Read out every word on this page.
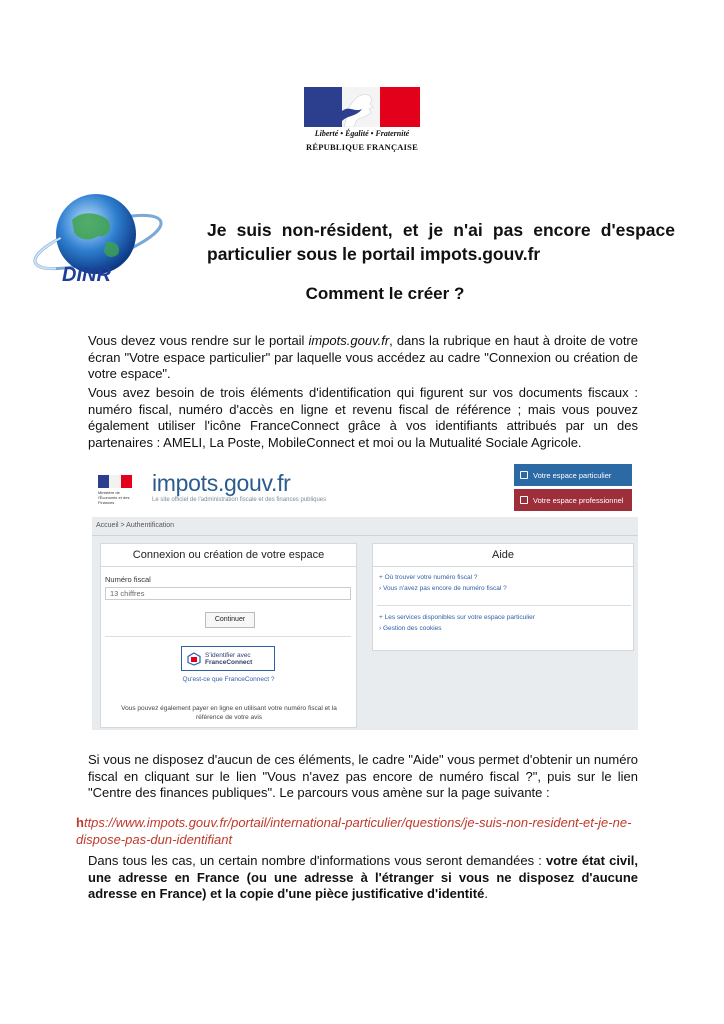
Liberté • Égalité • Fraternité
RÉPUBLIQUE FRANÇAISE
DINR
Je suis non-résident, et je n'ai pas encore d'espace particulier sous le portail impots.gouv.fr
Comment le créer ?
Vous devez vous rendre sur le portail impots.gouv.fr, dans la rubrique en haut à droite de votre écran "Votre espace particulier" par laquelle vous accédez au cadre "Connexion ou création de votre espace".
Vous avez besoin de trois éléments d'identification qui figurent sur vos documents fiscaux : numéro fiscal, numéro d'accès en ligne et revenu fiscal de référence ; mais vous pouvez également utiliser l'icône FranceConnect grâce à vos identifiants attribués par un des partenaires : AMELI, La Poste, MobileConnect et moi ou la Mutualité Sociale Agricole.
Ministère de l'Économie et des Finances
impots.gouv.fr
Le site officiel de l'administration fiscale et des finances publiques
Votre espace particulier
Votre espace professionnel
Accueil > Authentification
Connexion ou création de votre espace
Numéro fiscal
13 chiffres
Continuer
S'identifier avec
FranceConnect
Qu'est-ce que FranceConnect ?
Vous pouvez également payer en ligne en utilisant votre numéro fiscal et la référence de votre avis
Aide
+ Où trouver votre numéro fiscal ?
› Vous n'avez pas encore de numéro fiscal ?
+ Les services disponibles sur votre espace particulier
› Gestion des cookies
Si vous ne disposez d'aucun de ces éléments, le cadre "Aide" vous permet d'obtenir un numéro fiscal en cliquant sur le lien "Vous n'avez pas encore de numéro fiscal ?", puis sur le lien "Centre des finances publiques". Le parcours vous amène sur la page suivante :
https://www.impots.gouv.fr/portail/international-particulier/questions/je-suis-non-resident-et-je-ne-dispose-pas-dun-identifiant
Dans tous les cas, un certain nombre d'informations vous seront demandées : votre état civil, une adresse en France (ou une adresse à l'étranger si vous ne disposez d'aucune adresse en France) et la copie d'une pièce justificative d'identité.
